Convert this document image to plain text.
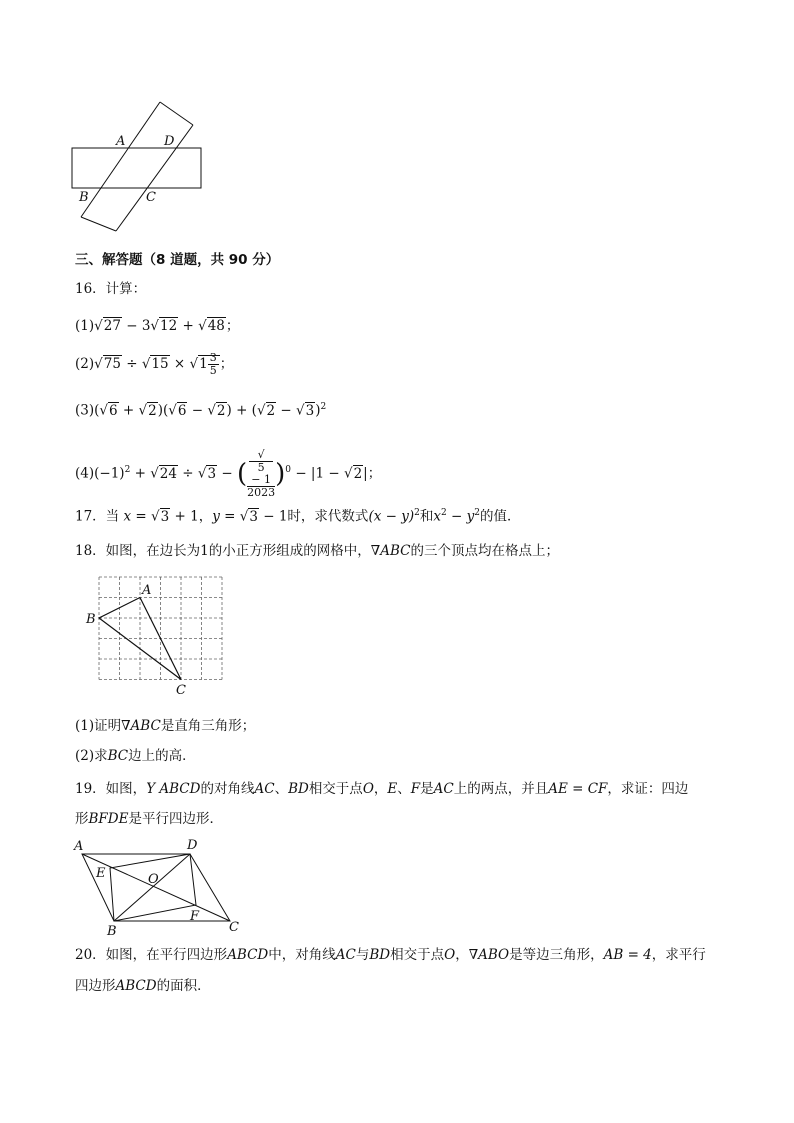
A	D
B	C
三、解答题（8 道题，共 90 分）
16．计算：
(1)√27 − 3√12 + √48；
$(2)√75 \div √15 \times √1 \frac{3}{5}$ ；
$(3)(√6 + √2)(√6 - √2) + (√2 - √3)^2$
$(4)(-1)^2 + √24 \div √3$ − ( √
5
− 1
2023 )$^0$ − |1 − √2|；
17．当 x = √3 + 1，y = √3 − 1时，求代数式$(x - y)^2$和$x^2 - y^2$的值．
18．如图，在边长为1的小正方形组成的网格中，∇ABC的三个顶点均在格点上；
A
B
C
(1)证明∇ABC是直角三角形；
(2)求BC边上的高．
19．如图，Y ABCD的对角线AC、BD相交于点O，E、F是AC上的两点，并且AE = CF，求证：四边
形BFDE是平行四边形．
A	D
E	O
F
B	C
20．如图，在平行四边形ABCD中，对角线AC与BD相交于点O，∇ABO是等边三角形，AB = 4，求平行
四边形ABCD的面积．
